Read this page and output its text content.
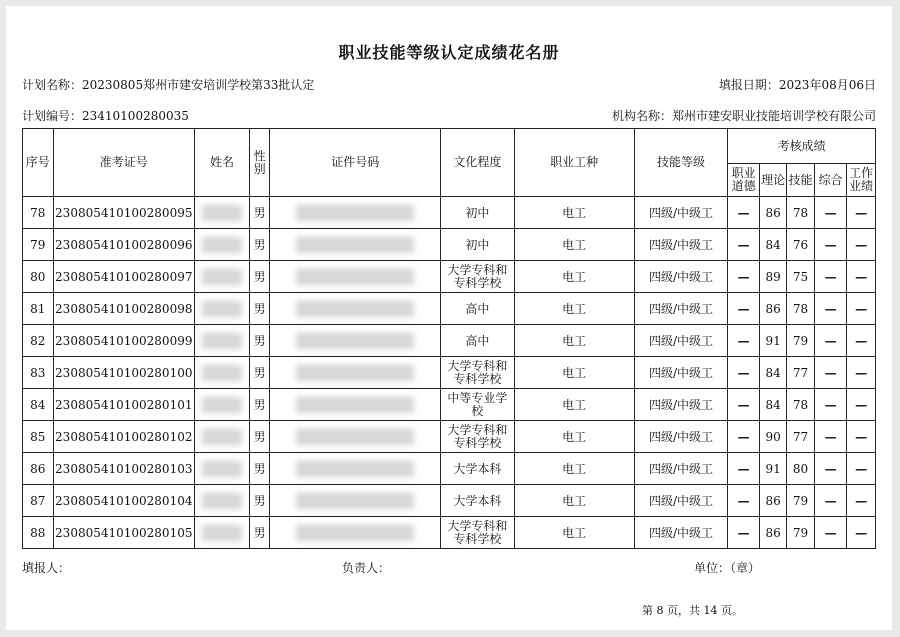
职业技能等级认定成绩花名册
计划名称：20230805郑州市建安培训学校第33批认定	填报日期：2023年08月06日
计划编号：23410100280035	机构名称：郑州市建安职业技能培训学校有限公司
序号	准考证号	姓名	性别	证件号码	文化程度	职业工种	技能等级	考核成绩				
								职业道德	理论	技能	综合	工作业绩
78	230805410100280095		男		初中	电工	四级/中级工	—	86	78	—	—
79	230805410100280096		男		初中	电工	四级/中级工	—	84	76	—	—
80	230805410100280097		男		大学专科和专科学校	电工	四级/中级工	—	89	75	—	—
81	230805410100280098		男		高中	电工	四级/中级工	—	86	78	—	—
82	230805410100280099		男		高中	电工	四级/中级工	—	91	79	—	—
83	230805410100280100		男		大学专科和专科学校	电工	四级/中级工	—	84	77	—	—
84	230805410100280101		男		中等专业学校	电工	四级/中级工	—	84	78	—	—
85	230805410100280102		男		大学专科和专科学校	电工	四级/中级工	—	90	77	—	—
86	230805410100280103		男		大学本科	电工	四级/中级工	—	91	80	—	—
87	230805410100280104		男		大学本科	电工	四级/中级工	—	86	79	—	—
88	230805410100280105		男		大学专科和专科学校	电工	四级/中级工	—	86	79	—	—
填报人：	负责人：	单位：（章）
第 8 页，共 14 页。
